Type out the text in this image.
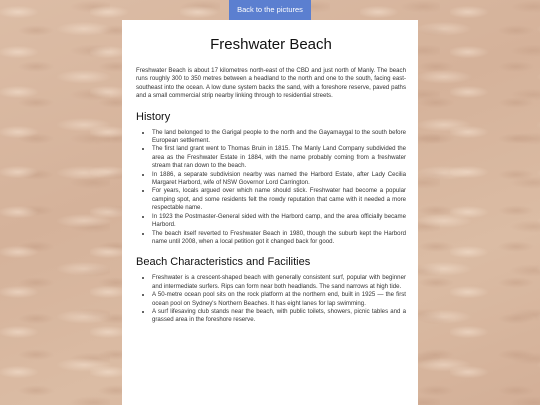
Back to the pictures
Freshwater Beach

Freshwater Beach is about 17 kilometres north-east of the CBD and just north of Manly. The beach runs roughly 300 to 350 metres between a headland to the north and one to the south, facing east-southeast into the ocean. A low dune system backs the sand, with a foreshore reserve, paved paths and a small commercial strip nearby linking through to residential streets.

History
• The land belonged to the Garigal people to the north and the Gayamaygal to the south before European settlement.
• The first land grant went to Thomas Bruin in 1815. The Manly Land Company subdivided the area as the Freshwater Estate in 1884, with the name probably coming from a freshwater stream that ran down to the beach.
• In 1886, a separate subdivision nearby was named the Harbord Estate, after Lady Cecilia Margaret Harbord, wife of NSW Governor Lord Carrington.
• For years, locals argued over which name should stick. Freshwater had become a popular camping spot, and some residents felt the rowdy reputation that came with it needed a more respectable name.
• In 1923 the Postmaster-General sided with the Harbord camp, and the area officially became Harbord.
• The beach itself reverted to Freshwater Beach in 1980, though the suburb kept the Harbord name until 2008, when a local petition got it changed back for good.
Beach Characteristics and Facilities
• Freshwater is a crescent-shaped beach with generally consistent surf, popular with beginner and intermediate surfers. Rips can form near both headlands. The sand narrows at high tide.
• A 50-metre ocean pool sits on the rock platform at the northern end, built in 1925 — the first ocean pool on Sydney's Northern Beaches. It has eight lanes for lap swimming.
• A surf lifesaving club stands near the beach, with public toilets, showers, picnic tables and a grassed area in the foreshore reserve.
